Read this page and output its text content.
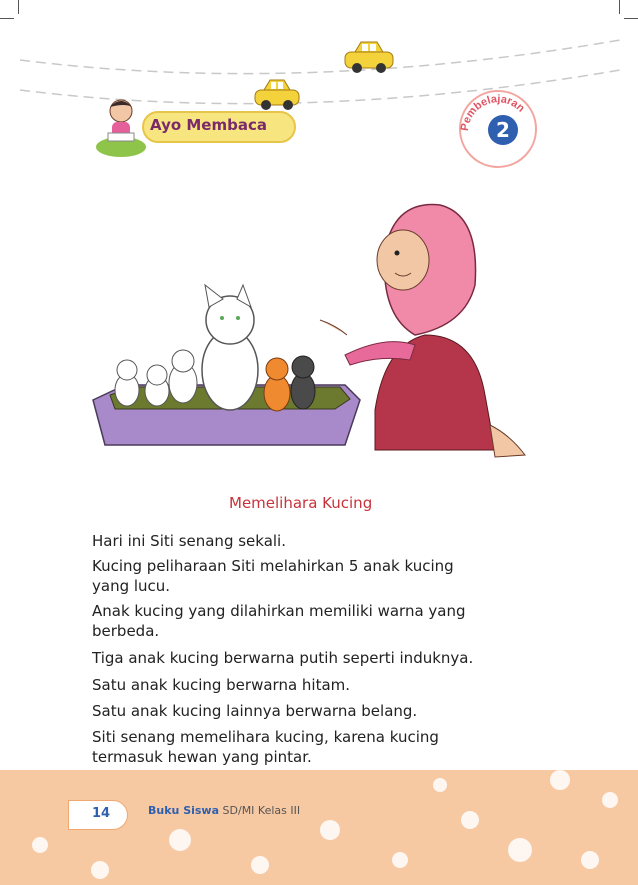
Ayo Membaca	Pembelajaran
2
Memelihara Kucing
Hari ini Siti senang sekali.
Kucing peliharaan Siti melahirkan 5 anak kucing
yang lucu.
Anak kucing yang dilahirkan memiliki warna yang
berbeda.
Tiga anak kucing berwarna putih seperti induknya.
Satu anak kucing berwarna hitam.
Satu anak kucing lainnya berwarna belang.
Siti senang memelihara kucing, karena kucing
termasuk hewan yang pintar.
14	Buku Siswa SD/MI Kelas III
